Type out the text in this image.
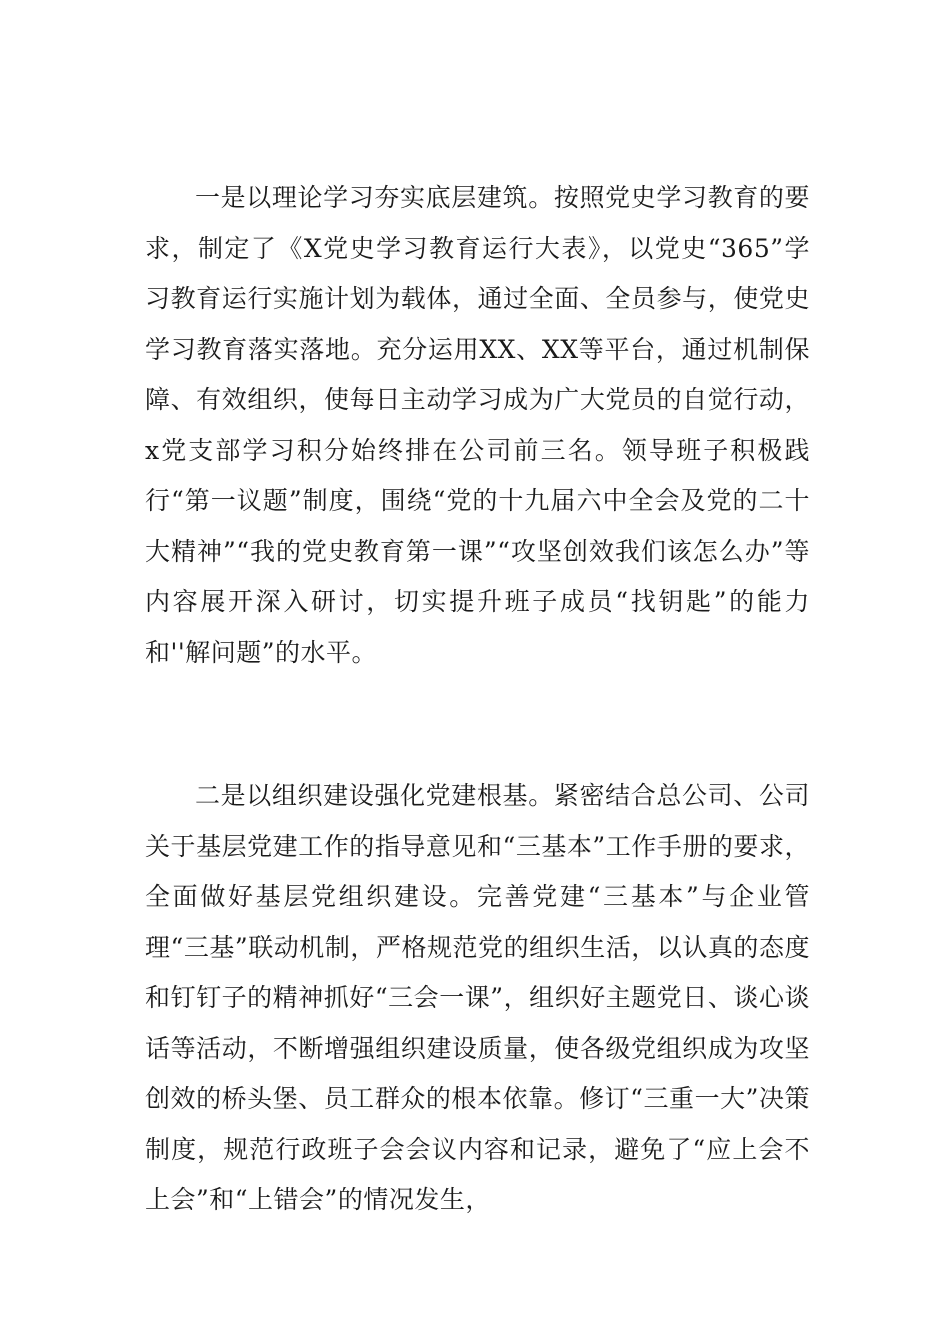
一是以理论学习夯实底层建筑。按照党史学习教育的要求，制定了《X党史学习教育运行大表》，以党史“365”学习教育运行实施计划为载体，通过全面、全员参与，使党史学习教育落实落地。充分运用XX、XX等平台，通过机制保障、有效组织，使每日主动学习成为广大党员的自觉行动，x党支部学习积分始终排在公司前三名。领导班子积极践行“第一议题”制度，围绕“党的十九届六中全会及党的二十大精神”“我的党史教育第一课”“攻坚创效我们该怎么办”等内容展开深入研讨，切实提升班子成员“找钥匙”的能力和''解问题”的水平。

二是以组织建设强化党建根基。紧密结合总公司、公司关于基层党建工作的指导意见和“三基本”工作手册的要求，全面做好基层党组织建设。完善党建“三基本”与企业管理“三基”联动机制，严格规范党的组织生活，以认真的态度和钉钉子的精神抓好“三会一课”，组织好主题党日、谈心谈话等活动，不断增强组织建设质量，使各级党组织成为攻坚创效的桥头堡、员工群众的根本依靠。修订“三重一大”决策制度，规范行政班子会会议内容和记录，避免了“应上会不上会”和“上错会”的情况发生，
